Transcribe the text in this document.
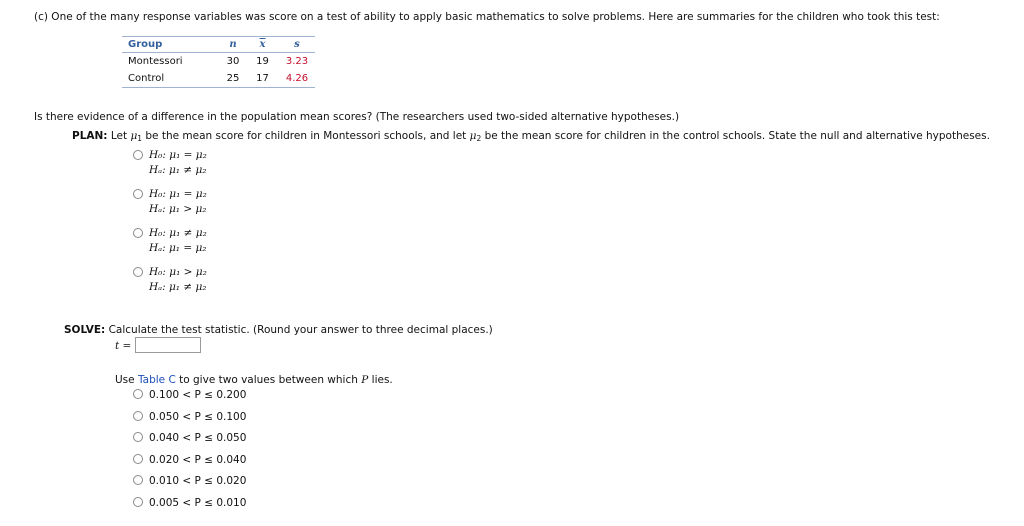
(c) One of the many response variables was score on a test of ability to apply basic mathematics to solve problems. Here are summaries for the children who took this test:
Group	n	$\overline{x}$	s
Montessori	30	19	3.23
Control	25	17	4.26
Is there evidence of a difference in the population mean scores? (The researchers used two-sided alternative hypotheses.)
PLAN: Let $\mu_1$ be the mean score for children in Montessori schools, and let $\mu_2$ be the mean score for children in the control schools. State the null and alternative hypotheses.
H₀: μ₁ = μ₂
Hₐ: μ₁ ≠ μ₂
H₀: μ₁ = μ₂
Hₐ: μ₁ > μ₂
H₀: μ₁ ≠ μ₂
Hₐ: μ₁ = μ₂
H₀: μ₁ > μ₂
Hₐ: μ₁ ≠ μ₂
SOLVE: Calculate the test statistic. (Round your answer to three decimal places.)
t =
Use Table C to give two values between which P lies.
0.100 < P ≤ 0.200
0.050 < P ≤ 0.100
0.040 < P ≤ 0.050
0.020 < P ≤ 0.040
0.010 < P ≤ 0.020
0.005 < P ≤ 0.010
